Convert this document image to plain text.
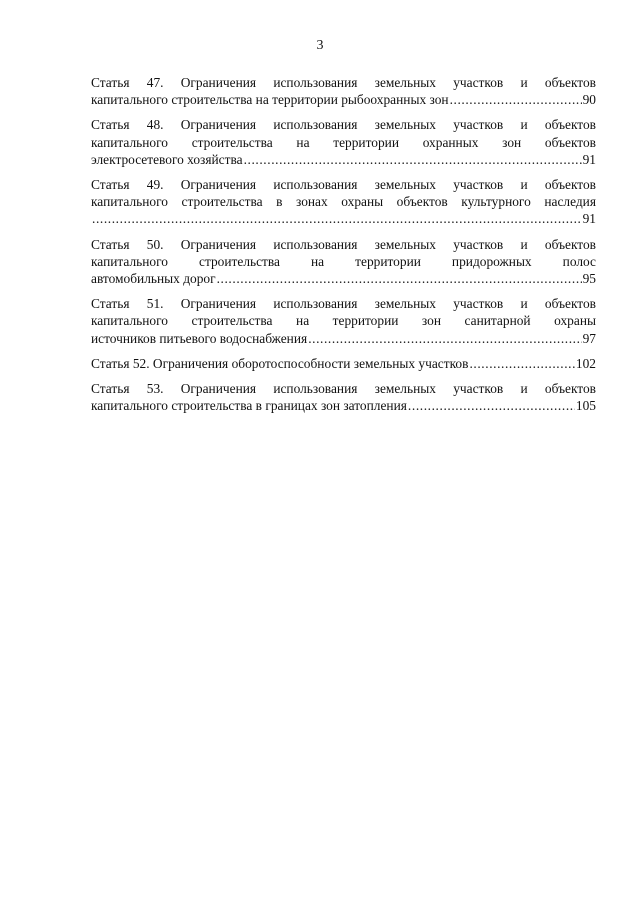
3
Статья 47. Ограничения использования земельных участков и объектов
капитального строительства на территории рыбоохранных зон .....	90
Статья 48. Ограничения использования земельных участков и объектов
капитального строительства на территории охранных зон объектов
электросетевого хозяйства .....	91
Статья 49. Ограничения использования земельных участков и объектов
капитального строительства в зонах охраны объектов культурного наследия
.....
91
Статья 50. Ограничения использования земельных участков и объектов
капитального строительства на территории придорожных полос
автомобильных дорог .....	95
Статья 51. Ограничения использования земельных участков и объектов
капитального строительства на территории зон санитарной охраны
источников питьевого водоснабжения .....	97
Статья 52. Ограничения оборотоспособности земельных участков .....	102
Статья 53. Ограничения использования земельных участков и объектов
капитального строительства в границах зон затопления .....	105
